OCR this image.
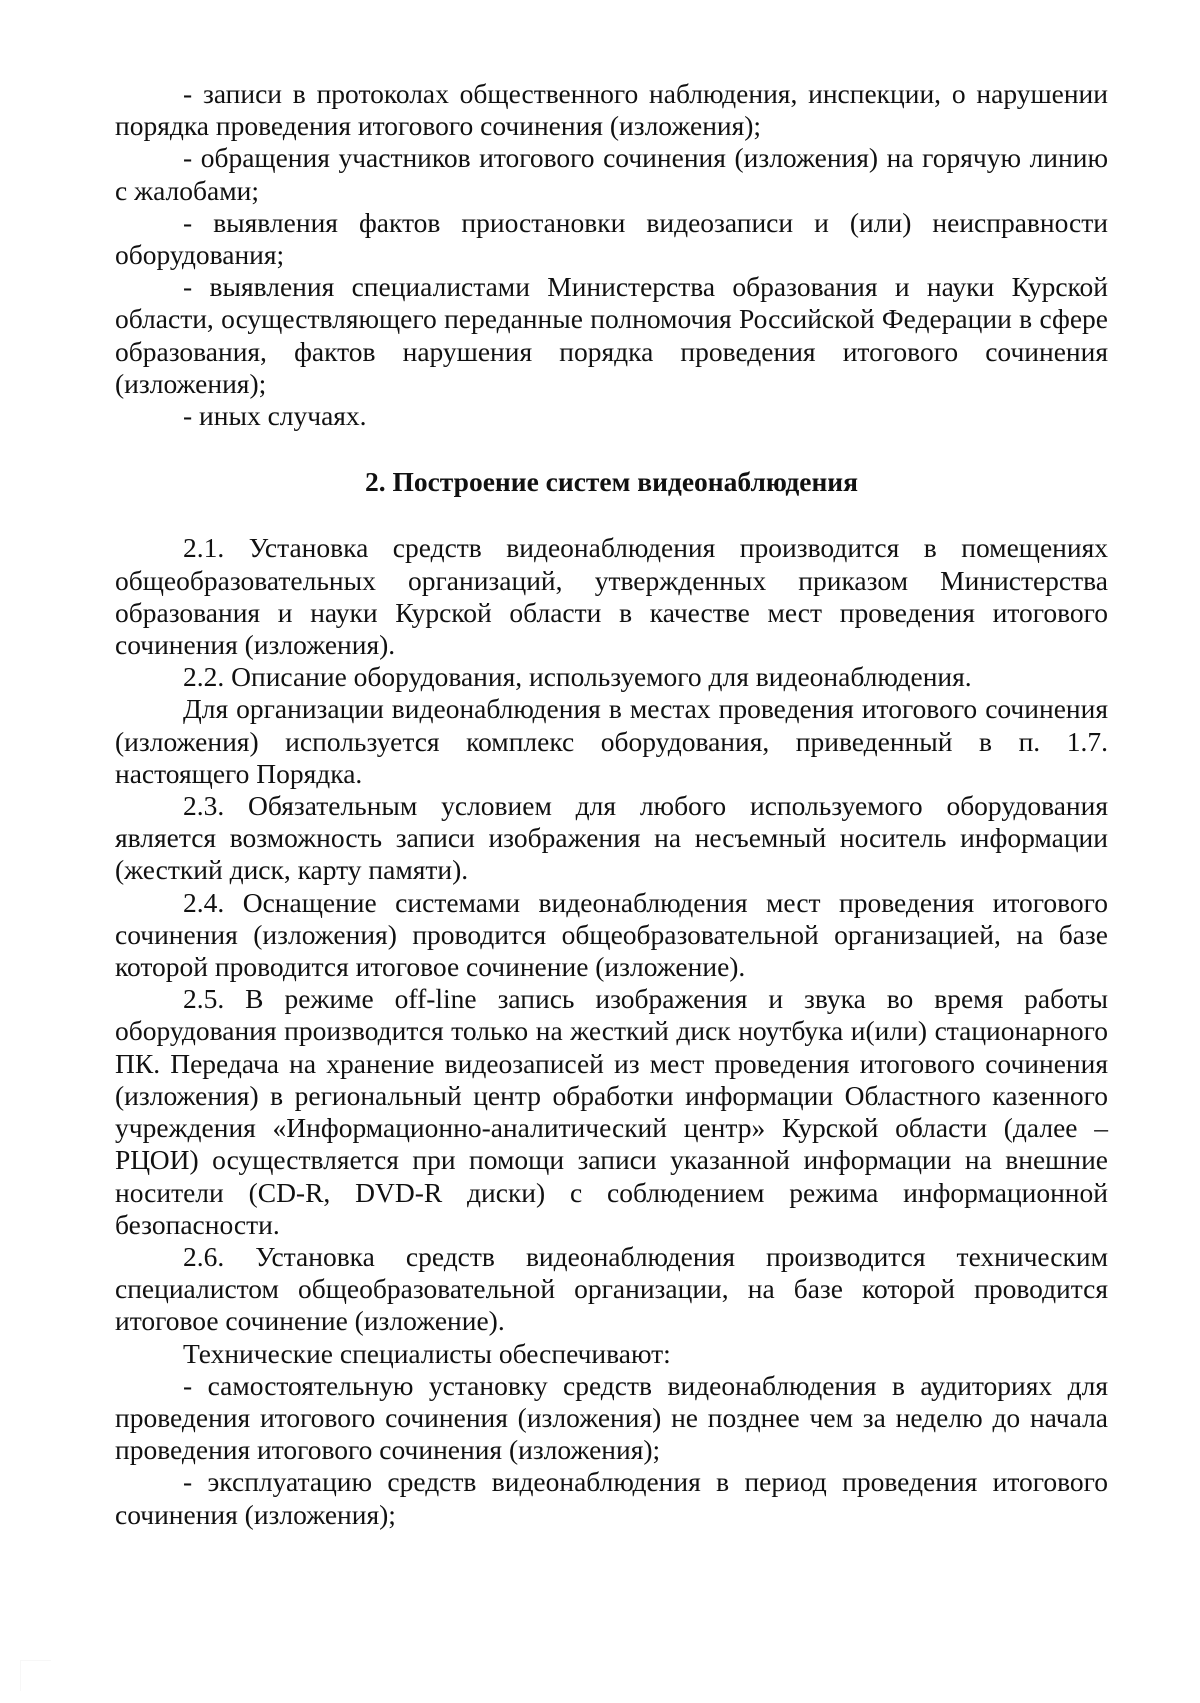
- записи в протоколах общественного наблюдения, инспекции, о нарушении порядка проведения итогового сочинения (изложения);

- обращения участников итогового сочинения (изложения) на горячую линию с жалобами;

- выявления фактов приостановки видеозаписи и (или) неисправности оборудования;

- выявления специалистами Министерства образования и науки Курской области, осуществляющего переданные полномочия Российской Федерации в сфере образования, фактов нарушения порядка проведения итогового сочинения (изложения);

- иных случаях.

2. Построение систем видеонаблюдения

2.1. Установка средств видеонаблюдения производится в помещениях общеобразовательных организаций, утвержденных приказом Министерства образования и науки Курской области в качестве мест проведения итогового сочинения (изложения).

2.2. Описание оборудования, используемого для видеонаблюдения.

Для организации видеонаблюдения в местах проведения итогового сочинения (изложения) используется комплекс оборудования, приведенный в п. 1.7. настоящего Порядка.

2.3. Обязательным условием для любого используемого оборудования является возможность записи изображения на несъемный носитель информации (жесткий диск, карту памяти).

2.4. Оснащение системами видеонаблюдения мест проведения итогового сочинения (изложения) проводится общеобразовательной организацией, на базе которой проводится итоговое сочинение (изложение).

2.5. В режиме off-line запись изображения и звука во время работы оборудования производится только на жесткий диск ноутбука и(или) стационарного ПК. Передача на хранение видеозаписей из мест проведения итогового сочинения (изложения) в региональный центр обработки информации Областного казенного учреждения «Информационно-аналитический центр» Курской области (далее – РЦОИ) осуществляется при помощи записи указанной информации на внешние носители (CD-R, DVD-R диски) с соблюдением режима информационной безопасности.

2.6. Установка средств видеонаблюдения производится техническим специалистом общеобразовательной организации, на базе которой проводится итоговое сочинение (изложение).

Технические специалисты обеспечивают:

- самостоятельную установку средств видеонаблюдения в аудиториях для проведения итогового сочинения (изложения) не позднее чем за неделю до начала проведения итогового сочинения (изложения);

- эксплуатацию средств видеонаблюдения в период проведения итогового сочинения (изложения);
